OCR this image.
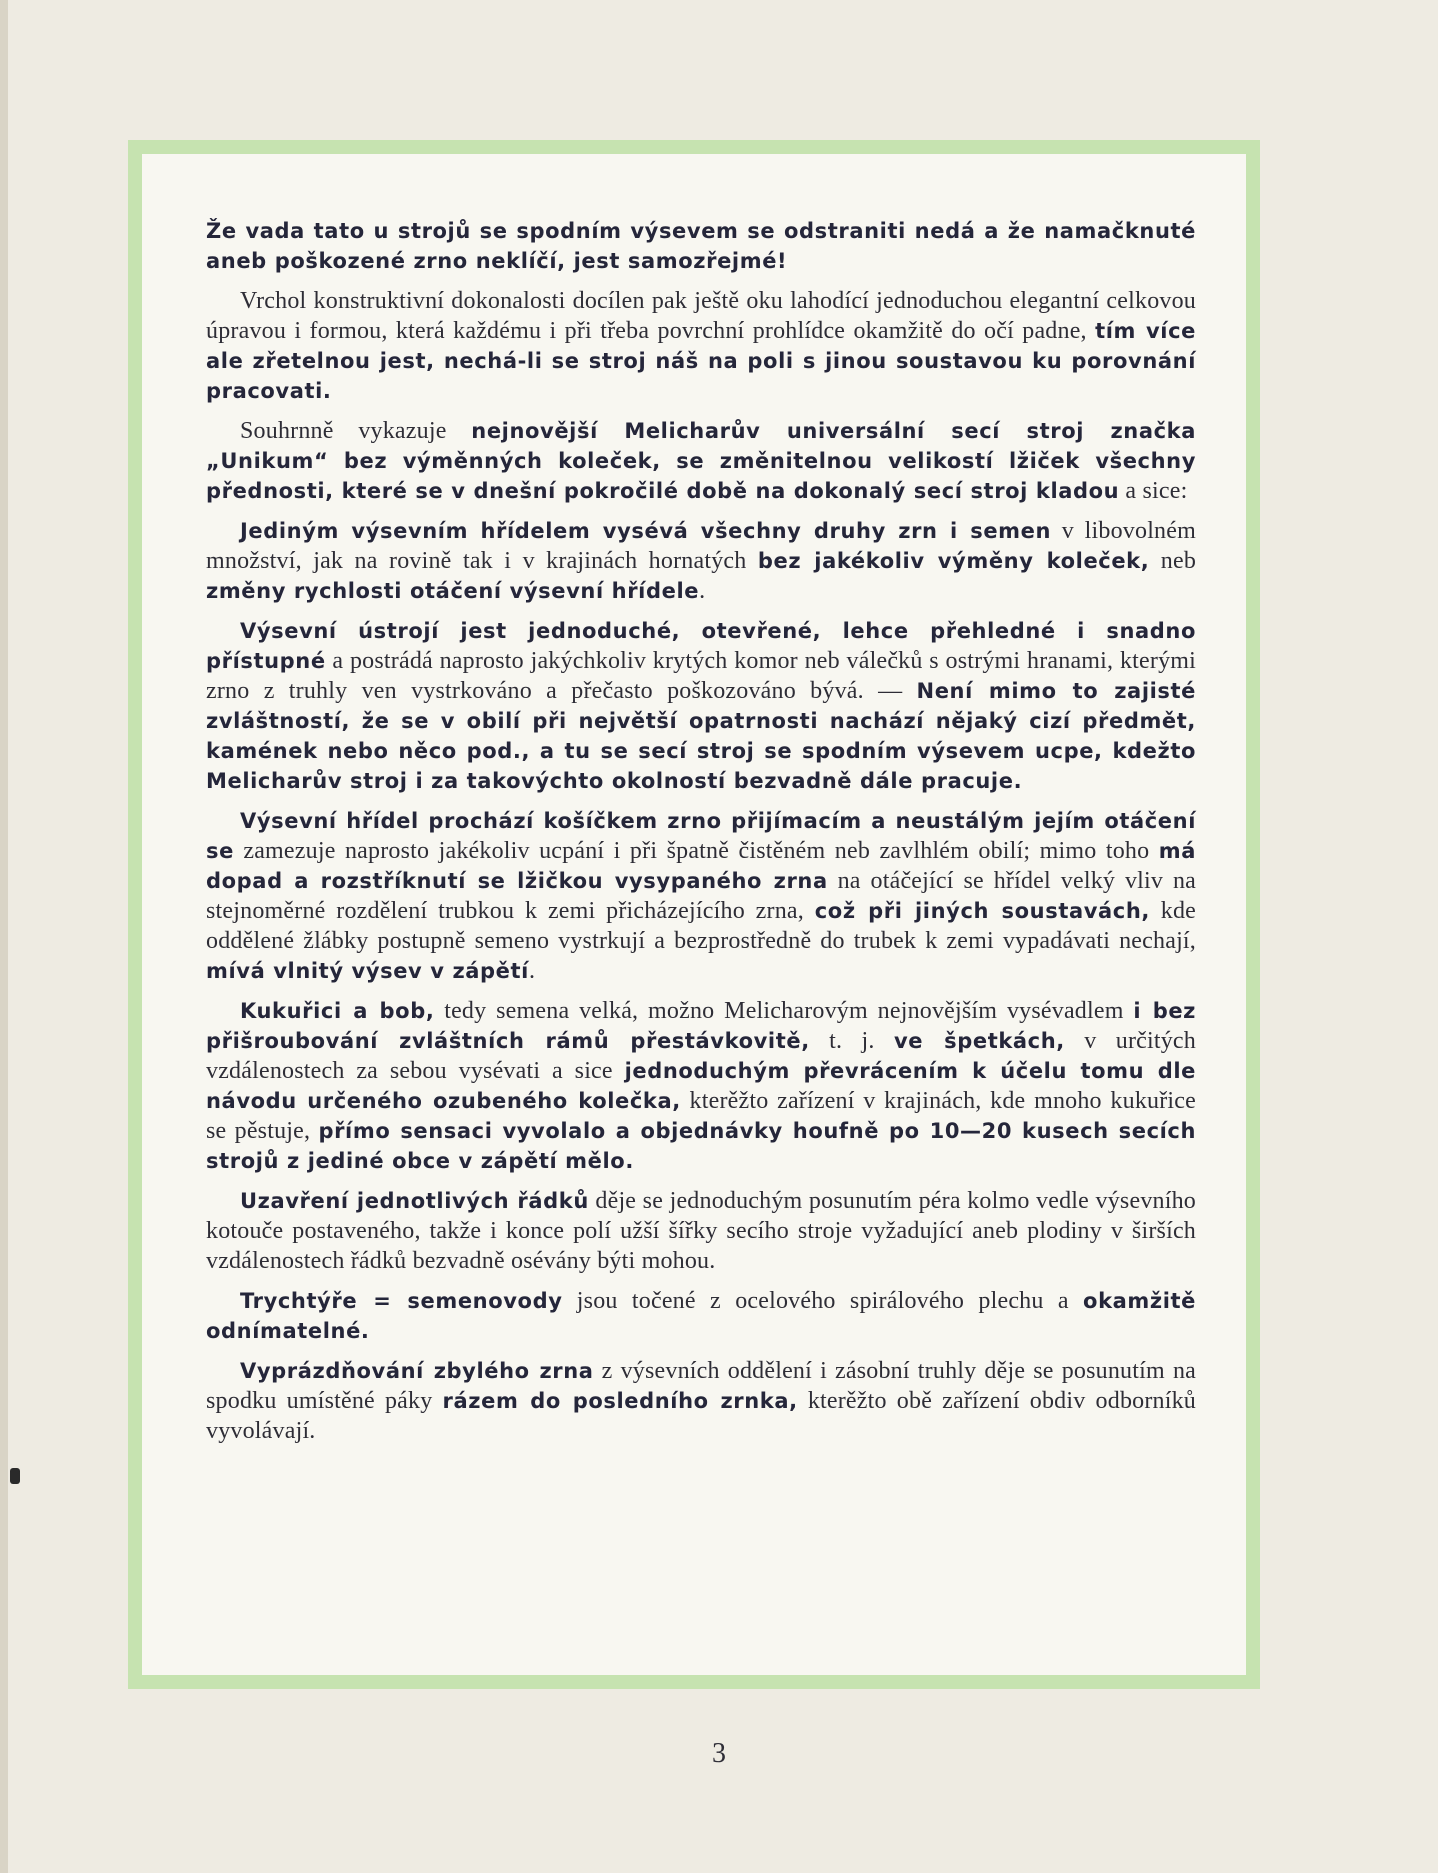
Že vada tato u strojů se spodním výsevem se odstraniti nedá a že namačknuté aneb poškozené zrno neklíčí, jest samozřejmé!

Vrchol konstruktivní dokonalosti docílen pak ještě oku lahodící jednoduchou elegantní celkovou úpravou i formou, která každému i při třeba povrchní prohlídce okamžitě do očí padne, tím více ale zřetelnou jest, nechá-li se stroj náš na poli s jinou soustavou ku porovnání pracovati.

Souhrnně vykazuje nejnovější Melicharův universální secí stroj značka „Unikum“ bez výměnných koleček, se změnitelnou velikostí lžiček všechny přednosti, které se v dnešní pokročilé době na dokonalý secí stroj kladou a sice:

Jediným výsevním hřídelem vysévá všechny druhy zrn i semen v libovolném množství, jak na rovině tak i v krajinách hornatých bez jakékoliv výměny koleček, neb změny rychlosti otáčení výsevní hřídele.

Výsevní ústrojí jest jednoduché, otevřené, lehce přehledné i snadno přístupné a postrádá naprosto jakýchkoliv krytých komor neb válečků s ostrými hranami, kterými zrno z truhly ven vystrkováno a přečasto poškozováno bývá. — Není mimo to zajisté zvláštností, že se v obilí při největší opatrnosti nachází nějaký cizí předmět, kamének nebo něco pod., a tu se secí stroj se spodním výsevem ucpe, kdežto Melicharův stroj i za takovýchto okolností bezvadně dále pracuje.

Výsevní hřídel prochází košíčkem zrno přijímacím a neustálým jejím otáčení se zamezuje naprosto jakékoliv ucpání i při špatně čistěném neb zavlhlém obilí; mimo toho má dopad a rozstříknutí se lžičkou vysypaného zrna na otáčející se hřídel velký vliv na stejnoměrné rozdělení trubkou k zemi přicházejícího zrna, což při jiných soustavách, kde oddělené žlábky postupně semeno vystrkují a bezprostředně do trubek k zemi vypadávati nechají, mívá vlnitý výsev v zápětí.

Kukuřici a bob, tedy semena velká, možno Melicharovým nejnovějším vysévadlem i bez přišroubování zvláštních rámů přestávkovitě, t. j. ve špetkách, v určitých vzdálenostech za sebou vysévati a sice jednoduchým převrácením k účelu tomu dle návodu určeného ozubeného kolečka, kterěžto zařízení v krajinách, kde mnoho kukuřice se pěstuje, přímo sensaci vyvolalo a objednávky houfně po 10—20 kusech secích strojů z jediné obce v zápětí mělo.

Uzavření jednotlivých řádků děje se jednoduchým posunutím péra kolmo vedle výsevního kotouče postaveného, takže i konce polí užší šířky secího stroje vyžadující aneb plodiny v širších vzdálenostech řádků bezvadně osévány býti mohou.

Trychtýře = semenovody jsou točené z ocelového spirálového plechu a okamžitě odnímatelné.

Vyprázdňování zbylého zrna z výsevních oddělení i zásobní truhly děje se posunutím na spodku umístěné páky rázem do posledního zrnka, kterěžto obě zařízení obdiv odborníků vyvolávají.

3
